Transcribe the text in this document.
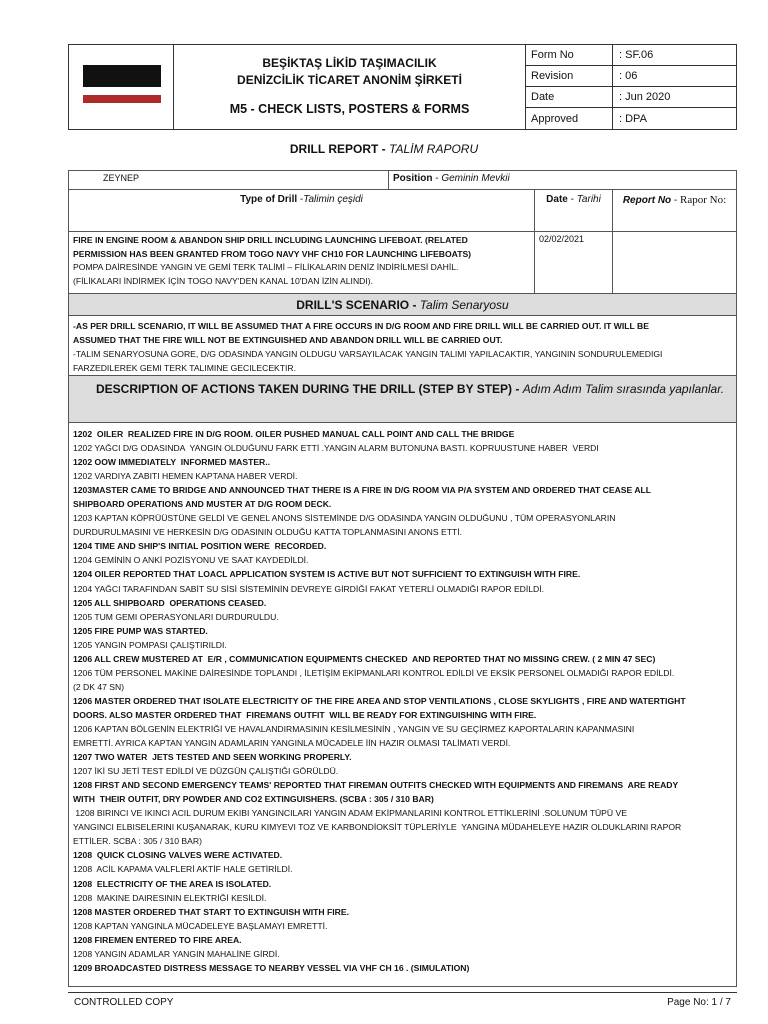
BEŞİKTAŞ LİKİD TAŞIMACILIK
DENİZCİLİK TİCARET ANONİM ŞİRKETİ
M5 - CHECK LISTS, POSTERS & FORMS
Form No	: SF.06
Revision	: 06
Date	: Jun 2020
Approved	: DPA
DRILL REPORT - TALİM RAPORU
ZEYNEP	Position - Geminin Mevkii
Type of Drill -Talimin çeşidi	Date - Tarihi	Report No - Rapor No:
FIRE IN ENGINE ROOM & ABANDON SHIP DRILL INCLUDING LAUNCHING LIFEBOAT. (RELATED
PERMISSION HAS BEEN GRANTED FROM TOGO NAVY VHF CH10 FOR LAUNCHING LIFEBOATS)
POMPA DAİRESİNDE YANGIN VE GEMİ TERK TALİMİ – FİLİKALARIN DENİZ İNDİRİLMESİ DAHİL.
(FİLİKALARI İNDİRMEK İÇİN TOGO NAVY'DEN KANAL 10'DAN İZİN ALINDI).
02/02/2021
DRILL'S SCENARIO - Talim Senaryosu
-AS PER DRILL SCENARIO, IT WILL BE ASSUMED THAT A FIRE OCCURS IN D/G ROOM AND FIRE DRILL WILL BE CARRIED OUT. IT WILL BE
ASSUMED THAT THE FIRE WILL NOT BE EXTINGUISHED AND ABANDON DRILL WILL BE CARRIED OUT.
-TALIM SENARYOSUNA GORE, D/G ODASINDA YANGIN OLDUGU VARSAYILACAK YANGIN TALIMI YAPILACAKTIR, YANGININ SONDURULEMEDIGI
FARZEDILEREK GEMI TERK TALIMINE GECILECEKTIR.
DESCRIPTION OF ACTIONS TAKEN DURING THE DRILL (STEP BY STEP) - Adım Adım Talim sırasında yapılanlar.
1202  OILER  REALIZED FIRE IN D/G ROOM. OILER PUSHED MANUAL CALL POINT AND CALL THE BRIDGE
1202 YAĞCI D/G ODASINDA  YANGIN OLDUĞUNU FARK ETTİ .YANGIN ALARM BUTONUNA BASTI. KOPRUUSTUNE HABER  VERDI
1202 OOW IMMEDIATELY  INFORMED MASTER..
1202 VARDIYA ZABITI HEMEN KAPTANA HABER VERDİ.
1203MASTER CAME TO BRIDGE AND ANNOUNCED THAT THERE IS A FIRE IN D/G ROOM VIA P/A SYSTEM AND ORDERED THAT CEASE ALL
SHIPBOARD OPERATIONS AND MUSTER AT D/G ROOM DECK.
1203 KAPTAN KÖPRÜÜSTÜNE GELDİ VE GENEL ANONS SİSTEMİNDE D/G ODASINDA YANGIN OLDUĞUNU , TÜM OPERASYONLARIN
DURDURULMASINI VE HERKESİN D/G ODASININ OLDUĞU KATTA TOPLANMASINI ANONS ETTİ.
1204 TIME AND SHIP'S INITIAL POSITION WERE  RECORDED.
1204 GEMİNİN O ANKİ POZİSYONU VE SAAT KAYDEDİLDİ.
1204 OILER REPORTED THAT LOACL APPLICATION SYSTEM IS ACTIVE BUT NOT SUFFICIENT TO EXTINGUISH WITH FIRE.
1204 YAĞCI TARAFINDAN SABİT SU SİSİ SİSTEMİNİN DEVREYE GİRDİĞİ FAKAT YETERLİ OLMADIĞI RAPOR EDİLDİ.
1205 ALL SHIPBOARD  OPERATIONS CEASED.
1205 TUM GEMI OPERASYONLARI DURDURULDU.
1205 FIRE PUMP WAS STARTED.
1205 YANGIN POMPASI ÇALIŞTIRILDI.
1206 ALL CREW MUSTERED AT  E/R , COMMUNICATION EQUIPMENTS CHECKED  AND REPORTED THAT NO MISSING CREW. ( 2 MIN 47 SEC)
1206 TÜM PERSONEL MAKİNE DAİRESİNDE TOPLANDI , İLETİŞİM EKİPMANLARI KONTROL EDİLDİ VE EKSİK PERSONEL OLMADIĞI RAPOR EDİLDİ.
(2 DK 47 SN)
1206 MASTER ORDERED THAT ISOLATE ELECTRICITY OF THE FIRE AREA AND STOP VENTILATIONS , CLOSE SKYLIGHTS , FIRE AND WATERTIGHT
DOORS. ALSO MASTER ORDERED THAT  FIREMANS OUTFIT  WILL BE READY FOR EXTINGUISHING WITH FIRE.
1206 KAPTAN BÖLGENİN ELEKTRİĞİ VE HAVALANDIRMASININ KESİLMESİNİN , YANGIN VE SU GEÇİRMEZ KAPORTALARIN KAPANMASINI
EMRETTİ. AYRICA KAPTAN YANGIN ADAMLARIN YANGINLA MÜCADELE İİN HAZIR OLMASI TALİMATI VERDİ.
1207 TWO WATER  JETS TESTED AND SEEN WORKING PROPERLY.
1207 İKİ SU JETİ TEST EDİLDİ VE DÜZGÜN ÇALIŞTIĞI GÖRÜLDÜ.
1208 FIRST AND SECOND EMERGENCY TEAMS' REPORTED THAT FIREMAN OUTFITS CHECKED WITH EQUIPMENTS AND FIREMANS  ARE READY
WITH  THEIR OUTFIT, DRY POWDER AND CO2 EXTINGUISHERS. (SCBA : 305 / 310 BAR)
1208 BIRINCI VE IKINCI ACIL DURUM EKIBI YANGINCILARI YANGIN ADAM EKİPMANLARINI KONTROL ETTİKLERİNİ .SOLUNUM TÜPÜ VE
YANGINCI ELBISELERINI KUŞANARAK, KURU KIMYEVI TOZ VE KARBONDİOKSİT TÜPLERİYLE  YANGINA MÜDAHELEYE HAZIR OLDUKLARINI RAPOR
ETTİLER. SCBA : 305 / 310 BAR)
1208  QUICK CLOSING VALVES WERE ACTIVATED.
1208  ACİL KAPAMA VALFLERİ AKTİF HALE GETİRİLDİ.
1208  ELECTRICITY OF THE AREA IS ISOLATED.
1208  MAKINE DAIRESININ ELEKTRİĞİ KESİLDİ.
1208 MASTER ORDERED THAT START TO EXTINGUISH WITH FIRE.
1208 KAPTAN YANGINLA MÜCADELEYE BAŞLAMAYI EMRETTİ.
1208 FIREMEN ENTERED TO FIRE AREA.
1208 YANGIN ADAMLAR YANGIN MAHALİNE GİRDİ.
1209 BROADCASTED DISTRESS MESSAGE TO NEARBY VESSEL VIA VHF CH 16 . (SIMULATION)
CONTROLLED COPY	Page No: 1 / 7
